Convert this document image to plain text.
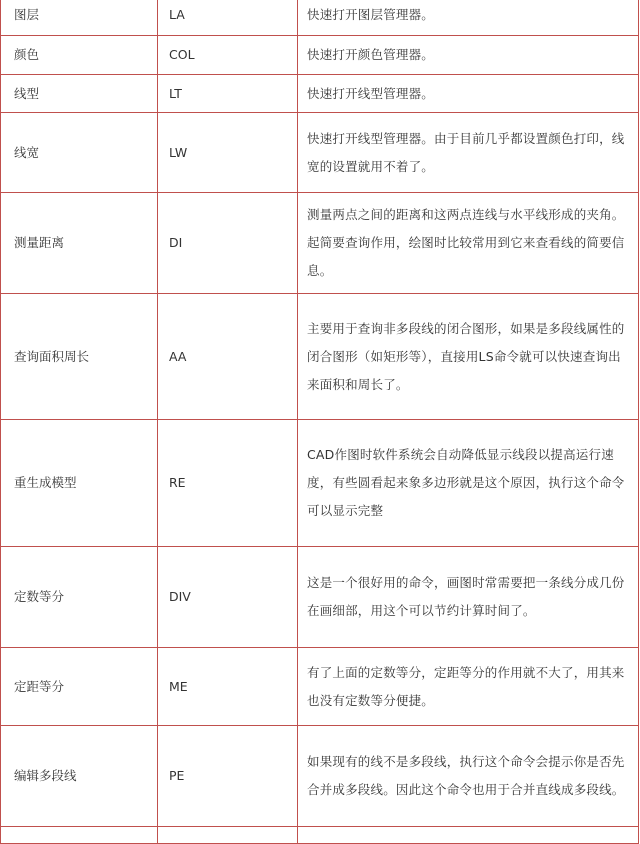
图层	LA	快速打开图层管理器。
颜色	COL	快速打开颜色管理器。
线型	LT	快速打开线型管理器。
线宽	LW	快速打开线型管理器。由于目前几乎都设置颜色打印，线宽的设置就用不着了。
测量距离	DI	测量两点之间的距离和这两点连线与水平线形成的夹角。起简要查询作用，绘图时比较常用到它来查看线的简要信息。
查询面积周长	AA	主要用于查询非多段线的闭合图形，如果是多段线属性的闭合图形（如矩形等），直接用LS命令就可以快速查询出来面积和周长了。
重生成模型	RE	CAD作图时软件系统会自动降低显示线段以提高运行速度，有些圆看起来象多边形就是这个原因，执行这个命令可以显示完整
定数等分	DIV	这是一个很好用的命令，画图时常需要把一条线分成几份在画细部，用这个可以节约计算时间了。
定距等分	ME	有了上面的定数等分，定距等分的作用就不大了，用其来也没有定数等分便捷。
编辑多段线	PE	如果现有的线不是多段线，执行这个命令会提示你是否先合并成多段线。因此这个命令也用于合并直线成多段线。
